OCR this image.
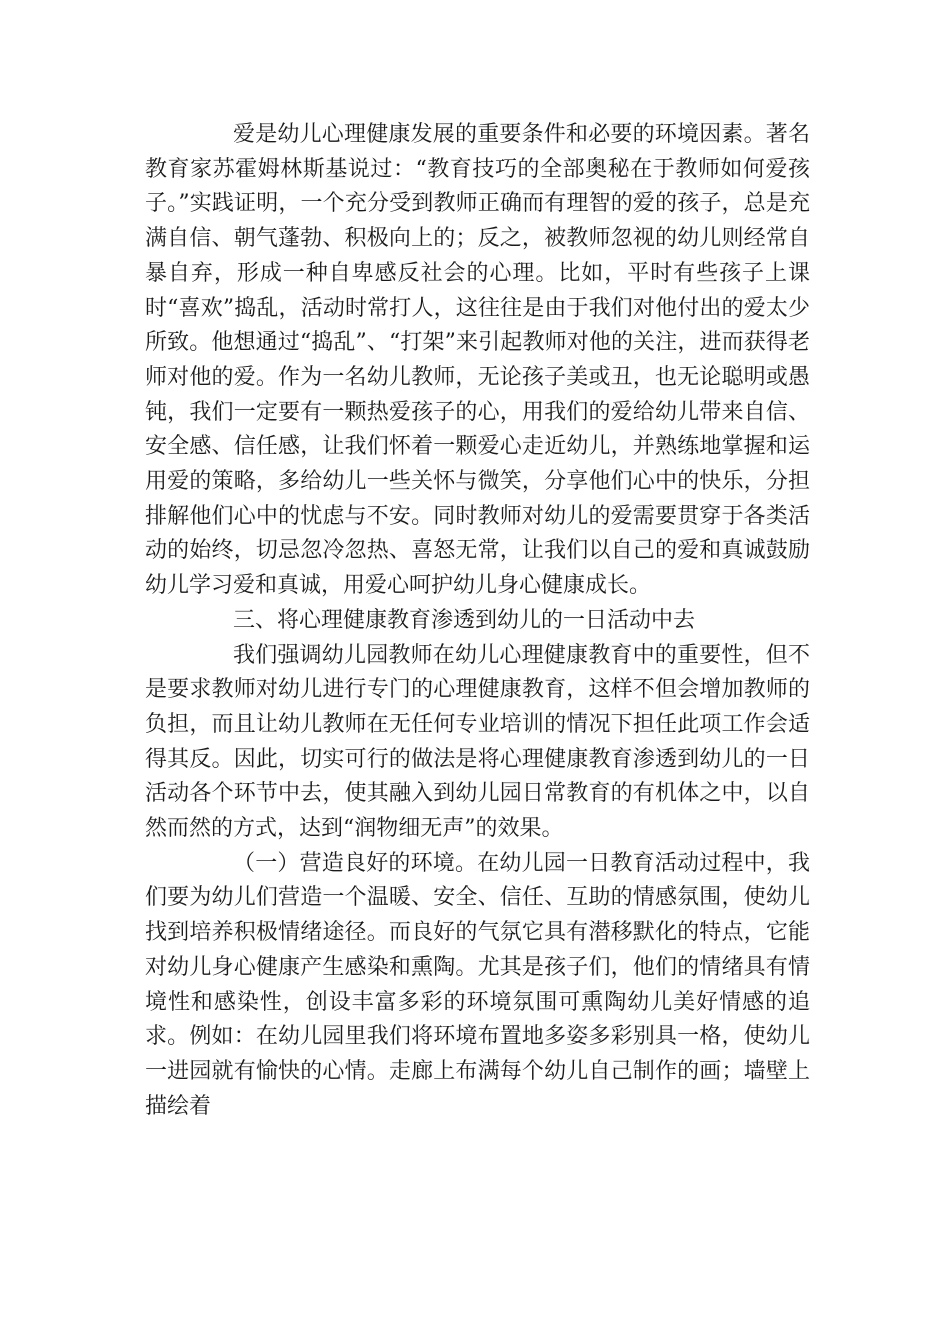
爱是幼儿心理健康发展的重要条件和必要的环境因素。著名教育家苏霍姆林斯基说过：“教育技巧的全部奥秘在于教师如何爱孩子。”实践证明，一个充分受到教师正确而有理智的爱的孩子，总是充满自信、朝气蓬勃、积极向上的；反之，被教师忽视的幼儿则经常自暴自弃，形成一种自卑感反社会的心理。比如，平时有些孩子上课时“喜欢”捣乱，活动时常打人，这往往是由于我们对他付出的爱太少所致。他想通过“捣乱”、“打架”来引起教师对他的关注，进而获得老师对他的爱。作为一名幼儿教师，无论孩子美或丑，也无论聪明或愚钝，我们一定要有一颗热爱孩子的心，用我们的爱给幼儿带来自信、安全感、信任感，让我们怀着一颗爱心走近幼儿，并熟练地掌握和运用爱的策略，多给幼儿一些关怀与微笑，分享他们心中的快乐，分担排解他们心中的忧虑与不安。同时教师对幼儿的爱需要贯穿于各类活动的始终，切忌忽冷忽热、喜怒无常，让我们以自己的爱和真诚鼓励幼儿学习爱和真诚，用爱心呵护幼儿身心健康成长。

三、将心理健康教育渗透到幼儿的一日活动中去

我们强调幼儿园教师在幼儿心理健康教育中的重要性，但不是要求教师对幼儿进行专门的心理健康教育，这样不但会增加教师的负担，而且让幼儿教师在无任何专业培训的情况下担任此项工作会适得其反。因此，切实可行的做法是将心理健康教育渗透到幼儿的一日活动各个环节中去，使其融入到幼儿园日常教育的有机体之中，以自然而然的方式，达到“润物细无声”的效果。

（一）营造良好的环境。在幼儿园一日教育活动过程中，我们要为幼儿们营造一个温暖、安全、信任、互助的情感氛围，使幼儿找到培养积极情绪途径。而良好的气氛它具有潜移默化的特点，它能对幼儿身心健康产生感染和熏陶。尤其是孩子们，他们的情绪具有情境性和感染性，创设丰富多彩的环境氛围可熏陶幼儿美好情感的追求。例如：在幼儿园里我们将环境布置地多姿多彩别具一格，使幼儿一进园就有愉快的心情。走廊上布满每个幼儿自己制作的画；墙壁上描绘着
